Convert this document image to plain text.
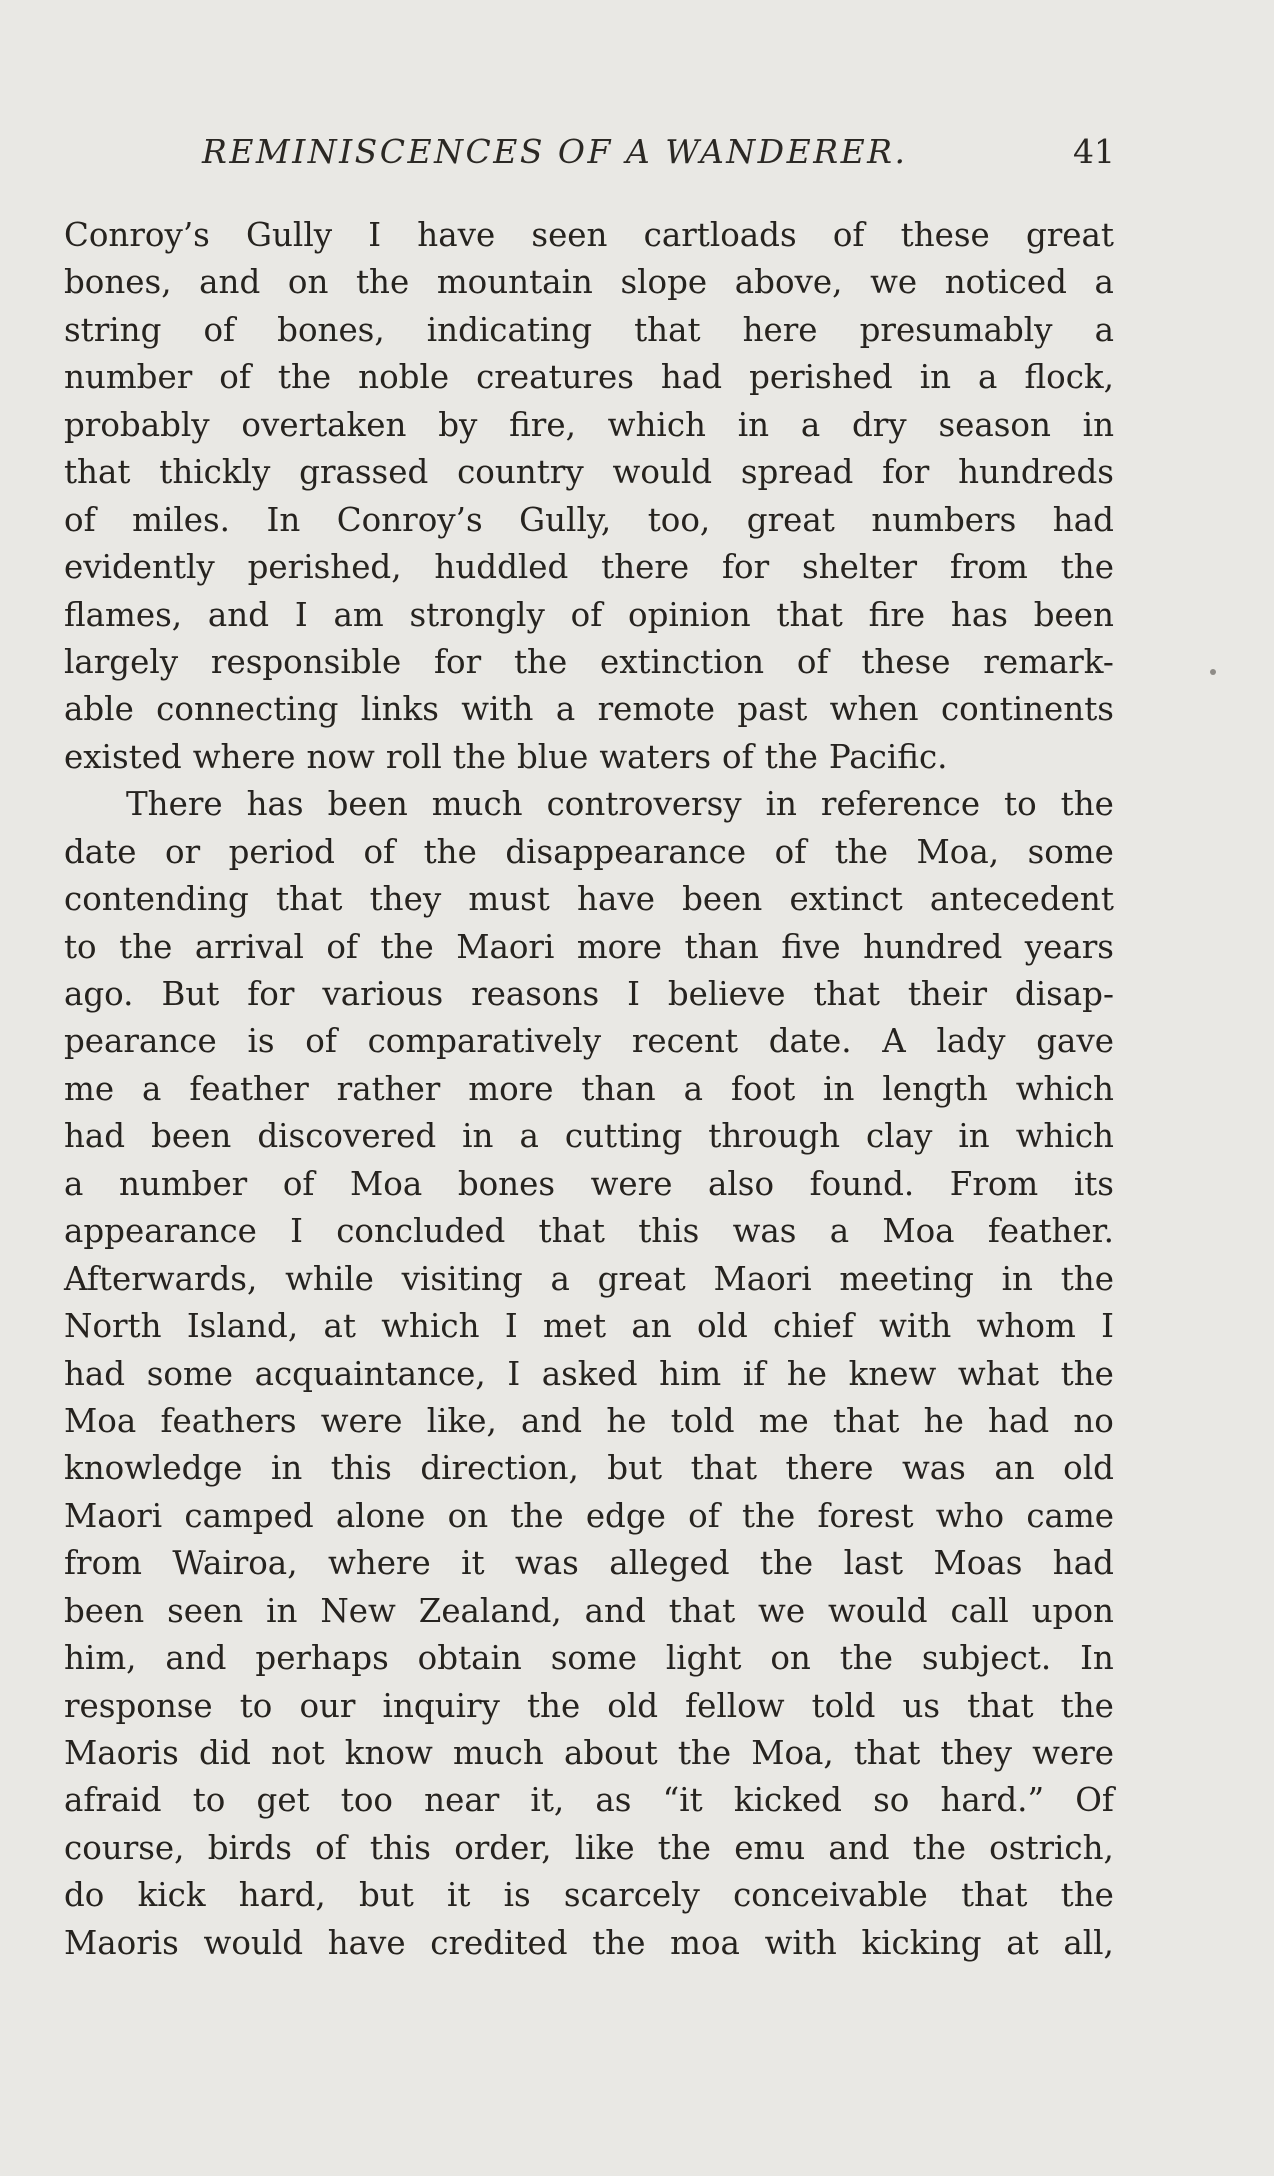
REMINISCENCES OF A WANDERER.	41
Conroy’s Gully I have seen cartloads of these great
bones, and on the mountain slope above, we noticed a
string of bones, indicating that here presumably a
number of the noble creatures had perished in a flock,
probably overtaken by fire, which in a dry season in
that thickly grassed country would spread for hundreds
of miles. In Conroy’s Gully, too, great numbers had
evidently perished, huddled there for shelter from the
flames, and I am strongly of opinion that fire has been
largely responsible for the extinction of these remark-
able connecting links with a remote past when continents
existed where now roll the blue waters of the Pacific.
There has been much controversy in reference to the
date or period of the disappearance of the Moa, some
contending that they must have been extinct antecedent
to the arrival of the Maori more than five hundred years
ago. But for various reasons I believe that their disap-
pearance is of comparatively recent date. A lady gave
me a feather rather more than a foot in length which
had been discovered in a cutting through clay in which
a number of Moa bones were also found. From its
appearance I concluded that this was a Moa feather.
Afterwards, while visiting a great Maori meeting in the
North Island, at which I met an old chief with whom I
had some acquaintance, I asked him if he knew what the
Moa feathers were like, and he told me that he had no
knowledge in this direction, but that there was an old
Maori camped alone on the edge of the forest who came
from Wairoa, where it was alleged the last Moas had
been seen in New Zealand, and that we would call upon
him, and perhaps obtain some light on the subject. In
response to our inquiry the old fellow told us that the
Maoris did not know much about the Moa, that they were
afraid to get too near it, as “it kicked so hard.” Of
course, birds of this order, like the emu and the ostrich,
do kick hard, but it is scarcely conceivable that the
Maoris would have credited the moa with kicking at all,
